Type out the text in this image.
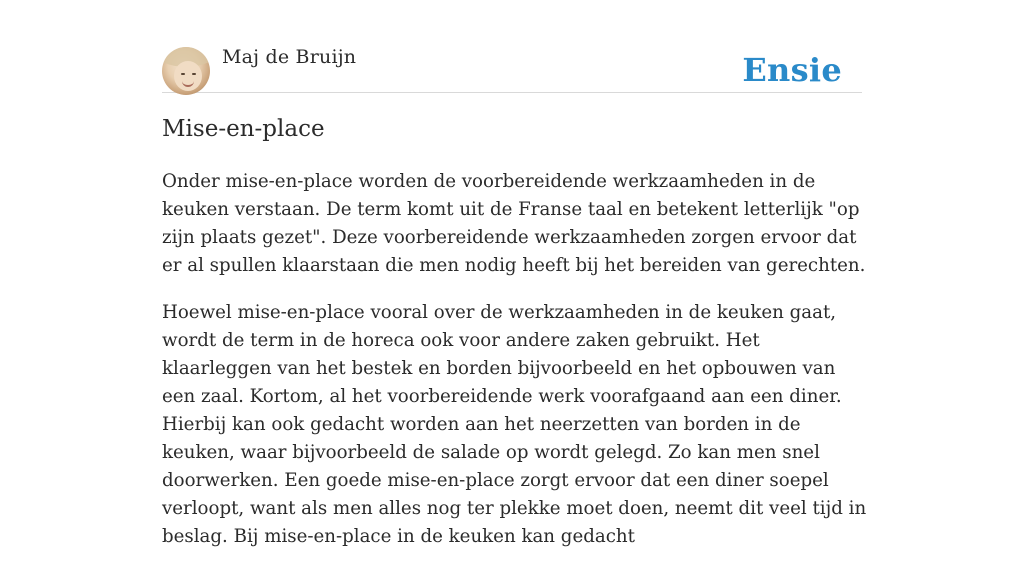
Maj de Bruijn	Ensie
Mise-en-place

Onder mise-en-place worden de voorbereidende werkzaamheden in de keuken verstaan. De term komt uit de Franse taal en betekent letterlijk "op zijn plaats gezet". Deze voorbereidende werkzaamheden zorgen ervoor dat er al spullen klaarstaan die men nodig heeft bij het bereiden van gerechten.

Hoewel mise-en-place vooral over de werkzaamheden in de keuken gaat, wordt de term in de horeca ook voor andere zaken gebruikt. Het klaarleggen van het bestek en borden bijvoorbeeld en het opbouwen van een zaal. Kortom, al het voorbereidende werk voorafgaand aan een diner. Hierbij kan ook gedacht worden aan het neerzetten van borden in de keuken, waar bijvoorbeeld de salade op wordt gelegd. Zo kan men snel doorwerken. Een goede mise-en-place zorgt ervoor dat een diner soepel verloopt, want als men alles nog ter plekke moet doen, neemt dit veel tijd in beslag. Bij mise-en-place in de keuken kan gedacht
